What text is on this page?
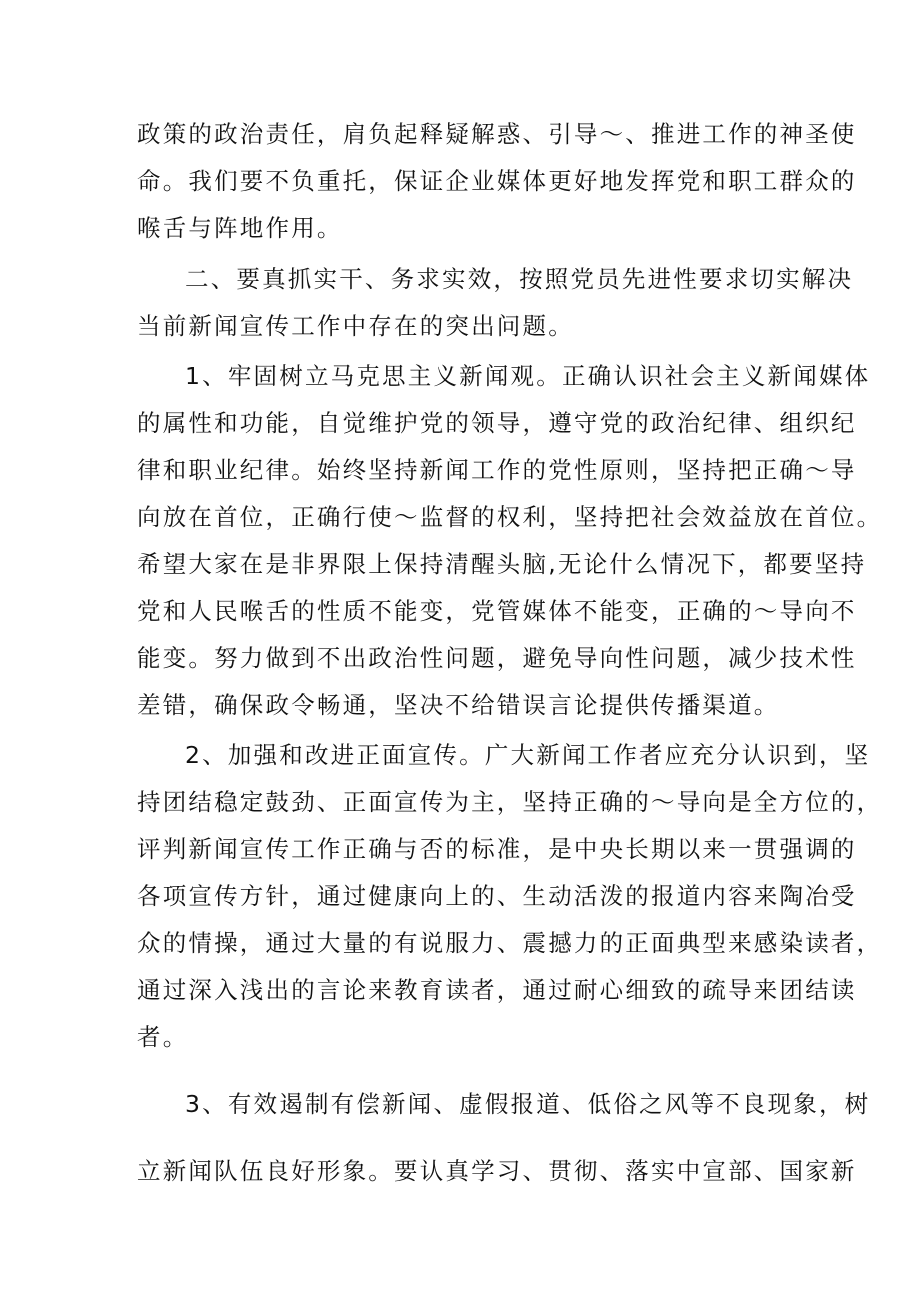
政策的政治责任，肩负起释疑解惑、引导～、推进工作的神圣使

命。我们要不负重托，保证企业媒体更好地发挥党和职工群众的

喉舌与阵地作用。

二、要真抓实干、务求实效，按照党员先进性要求切实解决

当前新闻宣传工作中存在的突出问题。

1、牢固树立马克思主义新闻观。正确认识社会主义新闻媒体

的属性和功能，自觉维护党的领导，遵守党的政治纪律、组织纪

律和职业纪律。始终坚持新闻工作的党性原则，坚持把正确～导

向放在首位，正确行使～监督的权利，坚持把社会效益放在首位。

希望大家在是非界限上保持清醒头脑,无论什么情况下，都要坚持

党和人民喉舌的性质不能变，党管媒体不能变，正确的～导向不

能变。努力做到不出政治性问题，避免导向性问题，减少技术性

差错，确保政令畅通，坚决不给错误言论提供传播渠道。

2、加强和改进正面宣传。广大新闻工作者应充分认识到，坚

持团结稳定鼓劲、正面宣传为主，坚持正确的～导向是全方位的，

评判新闻宣传工作正确与否的标准，是中央长期以来一贯强调的

各项宣传方针，通过健康向上的、生动活泼的报道内容来陶冶受

众的情操，通过大量的有说服力、震撼力的正面典型来感染读者，

通过深入浅出的言论来教育读者，通过耐心细致的疏导来团结读

者。

3、有效遏制有偿新闻、虚假报道、低俗之风等不良现象，树

立新闻队伍良好形象。要认真学习、贯彻、落实中宣部、国家新
